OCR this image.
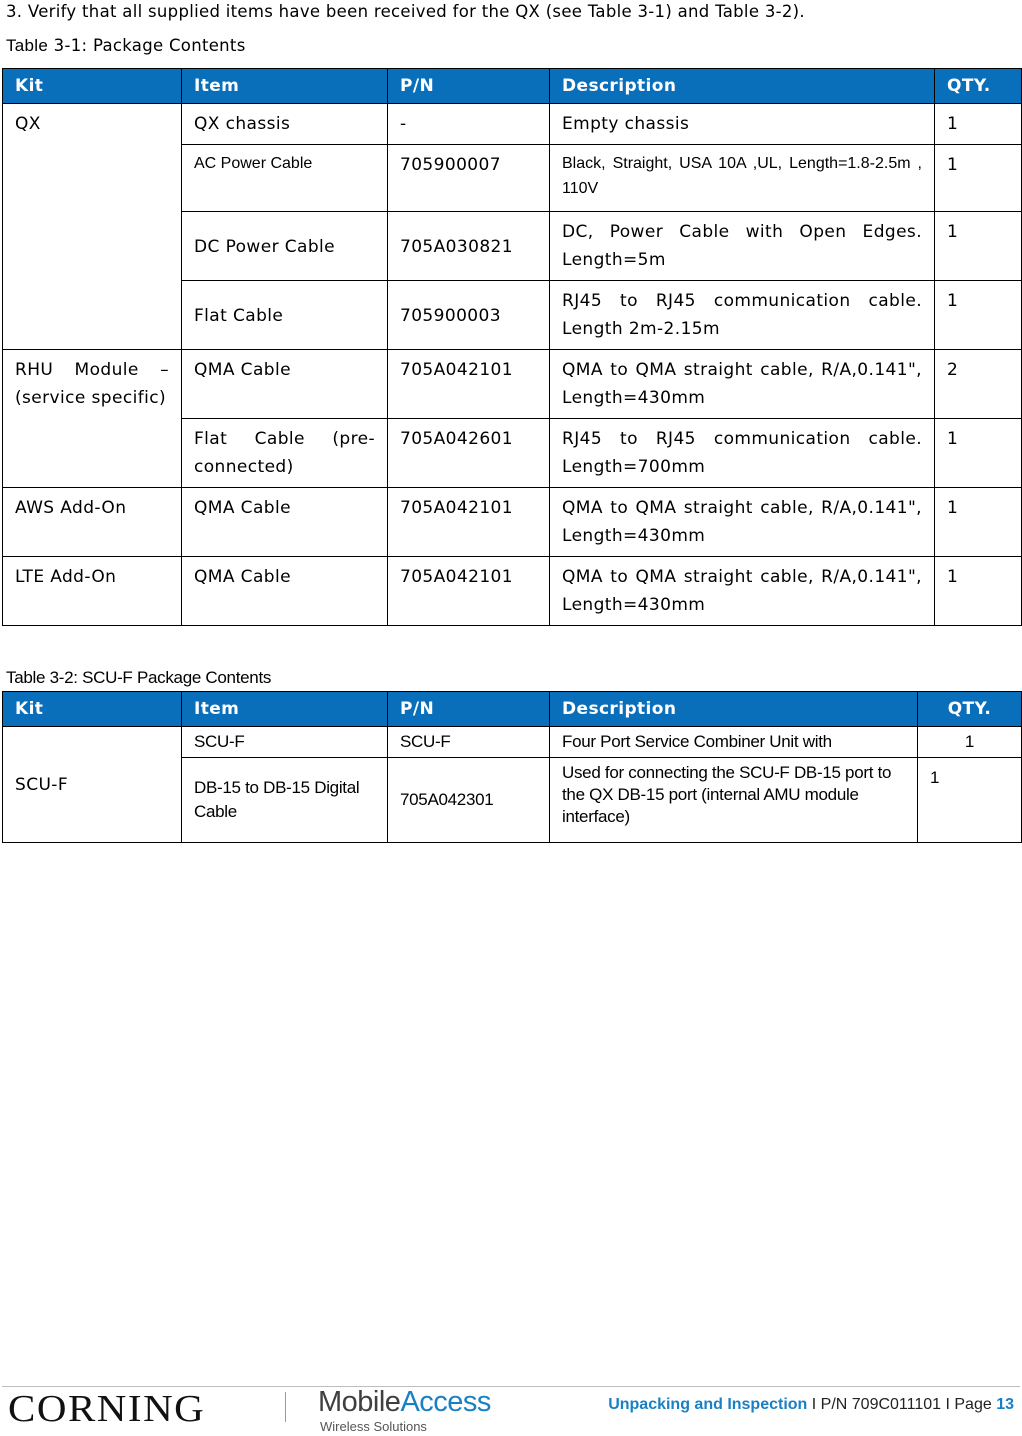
3. Verify that all supplied items have been received for the QX (see Table 3-1) and Table 3-2).
Table 3-1: Package Contents
Kit	Item	P/N	Description	QTY.
QX	QX chassis	-	Empty chassis	1
	AC Power Cable	705900007	Black, Straight, USA 10A ,UL, Length=1.8-2.5m , 110V	1
	DC Power Cable	705A030821	DC, Power Cable with Open Edges. Length=5m	1
	Flat Cable	705900003	RJ45 to RJ45 communication cable. Length 2m-2.15m	1
RHU Module – (service specific)	QMA Cable	705A042101	QMA to QMA straight cable, R/A,0.141", Length=430mm	2
	Flat Cable (pre-connected)	705A042601	RJ45 to RJ45 communication cable. Length=700mm	1
AWS Add-On	QMA Cable	705A042101	QMA to QMA straight cable, R/A,0.141", Length=430mm	1
LTE Add-On	QMA Cable	705A042101	QMA to QMA straight cable, R/A,0.141", Length=430mm	1
Table 3-2: SCU-F Package Contents
Kit	Item	P/N	Description	QTY.
SCU-F	SCU-F	SCU-F	Four Port Service Combiner Unit with	1
	DB-15 to DB-15 Digital Cable	705A042301	Used for connecting the SCU-F DB-15 port to the QX DB-15 port (internal AMU module interface)	1
CORNING	MobileAccess
Wireless Solutions
Unpacking and Inspection I P/N 709C011101 I Page 13
